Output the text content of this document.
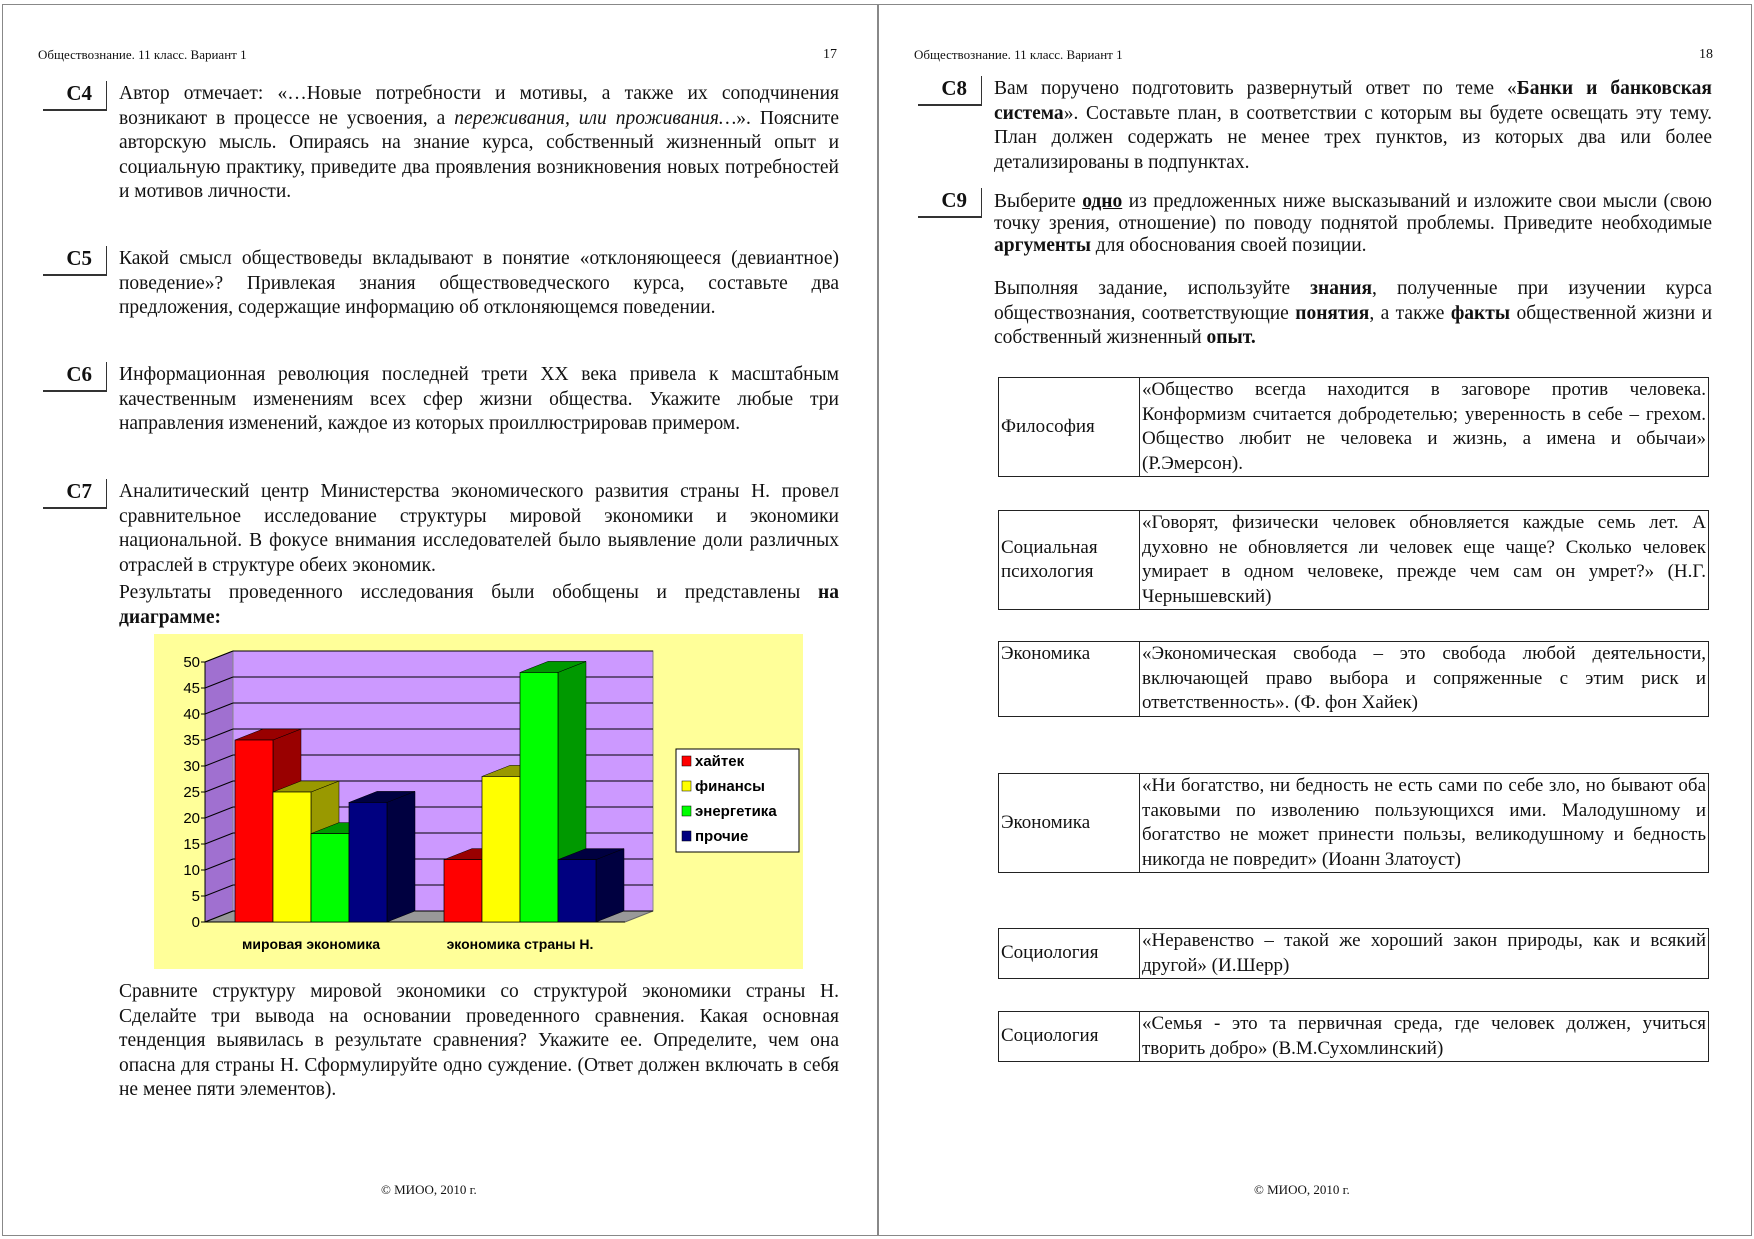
Обществознание. 11 класс. Вариант 1	17
С4	Автор отмечает: «…Новые потребности и мотивы, а также их соподчинения возникают в процессе не усвоения, а переживания, или проживания…». Поясните авторскую мысль. Опираясь на знание курса, собственный жизненный опыт и социальную практику, приведите два проявления возникновения новых потребностей и мотивов личности.
С5	Какой смысл обществоведы вкладывают в понятие «отклоняющееся (девиантное) поведение»? Привлекая знания обществоведческого курса, составьте два предложения, содержащие информацию об отклоняющемся поведении.
С6	Информационная революция последней трети XX века привела к масштабным качественным изменениям всех сфер жизни общества. Укажите любые три направления изменений, каждое из которых проиллюстрировав примером.
С7	Аналитический центр Министерства экономического развития страны Н. провел сравнительное исследование структуры мировой экономики и экономики национальной. В фокусе внимания исследователей было выявление доли различных отраслей в структуре обеих экономик.
Результаты проведенного исследования были обобщены и представлены на диаграмме:
0
5
10
15
20
25
30
35
40
45
50
мировая экономика	экономика страны Н.
хайтек
финансы
энергетика
прочие
Сравните структуру мировой экономики со структурой экономики страны Н. Сделайте три вывода на основании проведенного сравнения. Какая основная тенденция выявилась в результате сравнения? Укажите ее. Определите, чем она опасна для страны Н. Сформулируйте одно суждение. (Ответ должен включать в себя не менее пяти элементов).
© МИОО, 2010 г.
Обществознание. 11 класс. Вариант 1	18
© МИОО, 2010 г.
С8	Вам поручено подготовить развернутый ответ по теме «Банки и банковская система». Составьте план, в соответствии с которым вы будете освещать эту тему. План должен содержать не менее трех пунктов, из которых два или более детализированы в подпунктах.
С9	Выберите одно из предложенных ниже высказываний и изложите свои мысли (свою точку зрения, отношение) по поводу поднятой проблемы. Приведите необходимые аргументы для обоснования своей позиции.
Выполняя задание, используйте знания, полученные при изучении курса обществознания, соответствующие понятия, а также факты общественной жизни и собственный жизненный опыт.
Философия	«Общество всегда находится в заговоре против человека. Конформизм считается добродетелью; уверенность в себе – грехом. Общество любит не человека и жизнь, а имена и обычаи» (Р.Эмерсон).
Социальная психология	«Говорят, физически человек обновляется каждые семь лет. А духовно не обновляется ли человек еще чаще? Сколько человек умирает в одном человеке, прежде чем сам он умрет?» (Н.Г. Чернышевский)
Экономика	«Экономическая свобода – это свобода любой деятельности, включающей право выбора и сопряженные с этим риск и ответственность». (Ф. фон Хайек)
Экономика	«Ни богатство, ни бедность не есть сами по себе зло, но бывают оба таковыми по изволению пользующихся ими. Малодушному и богатство не может принести пользы, великодушному и бедность никогда не повредит» (Иоанн Златоуст)
Социология	«Неравенство – такой же хороший закон природы, как и всякий другой» (И.Шерр)
Социология	«Семья - это та первичная среда, где человек должен, учиться творить добро» (В.М.Сухомлинский)
